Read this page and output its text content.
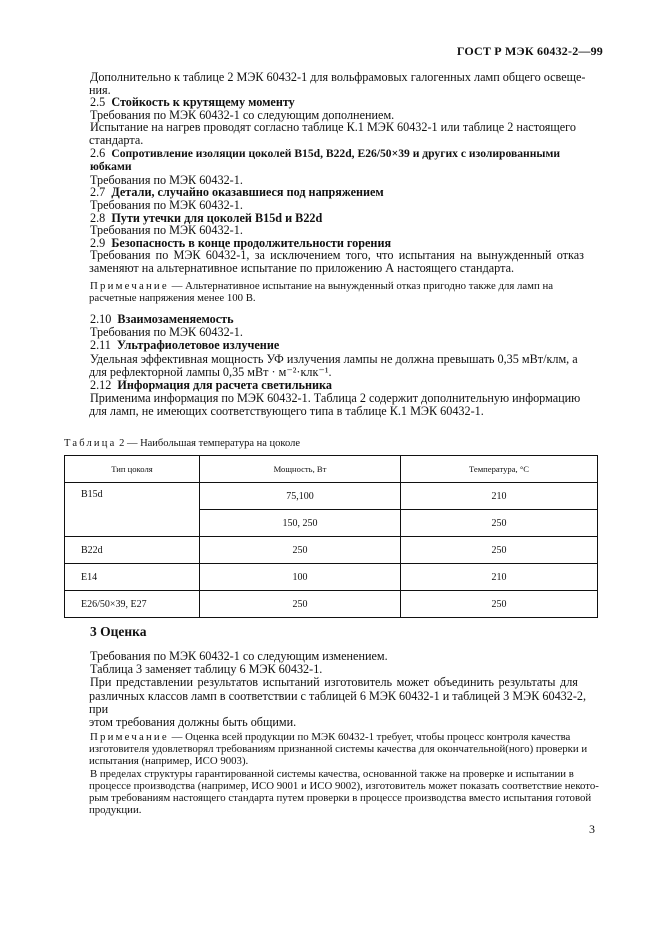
ГОСТ Р МЭК 60432-2—99
Дополнительно к таблице 2 МЭК 60432-1 для вольфрамовых галогенных ламп общего освеще-
ния.
2.5 Стойкость к крутящему моменту
Требования по МЭК 60432-1 со следующим дополнением.
Испытание на нагрев проводят согласно таблице К.1 МЭК 60432-1 или таблице 2 настоящего
стандарта.
2.6 Сопротивление изоляции цоколей B15d, B22d, E26/50×39 и других с изолированными юбками
Требования по МЭК 60432-1.
2.7 Детали, случайно оказавшиеся под напряжением
Требования по МЭК 60432-1.
2.8 Пути утечки для цоколей B15d и B22d
Требования по МЭК 60432-1.
2.9 Безопасность в конце продолжительности горения
Требования по МЭК 60432-1, за исключением того, что испытания на вынужденный отказ
заменяют на альтернативное испытание по приложению А настоящего стандарта.
Примечание — Альтернативное испытание на вынужденный отказ пригодно также для ламп на
расчетные напряжения менее 100 В.
2.10 Взаимозаменяемость
Требования по МЭК 60432-1.
2.11 Ультрафиолетовое излучение
Удельная эффективная мощность УФ излучения лампы не должна превышать 0,35 мВт/клм, а
для рефлекторной лампы 0,35 мВт · м⁻²·клк⁻¹.
2.12 Информация для расчета светильника
Применима информация по МЭК 60432-1. Таблица 2 содержит дополнительную информацию
для ламп, не имеющих соответствующего типа в таблице К.1 МЭК 60432-1.
Таблица 2 — Наибольшая температура на цоколе
Тип цоколя	Мощность, Вт	Температура, °С
B15d	75,100	210
	150, 250	250
B22d	250	250
E14	100	210
E26/50×39, E27	250	250
3 Оценка
Требования по МЭК 60432-1 со следующим изменением.
Таблица 3 заменяет таблицу 6 МЭК 60432-1.
При представлении результатов испытаний изготовитель может объединить результаты для
различных классов ламп в соответствии с таблицей 6 МЭК 60432-1 и таблицей 3 МЭК 60432-2, при
этом требования должны быть общими.
Примечание — Оценка всей продукции по МЭК 60432-1 требует, чтобы процесс контроля качества
изготовителя удовлетворял требованиям признанной системы качества для окончательной(ного) проверки и
испытания (например, ИСО 9003).
В пределах структуры гарантированной системы качества, основанной также на проверке и испытании в
процессе производства (например, ИСО 9001 и ИСО 9002), изготовитель может показать соответствие некото-
рым требованиям настоящего стандарта путем проверки в процессе производства вместо испытания готовой
продукции.
3
